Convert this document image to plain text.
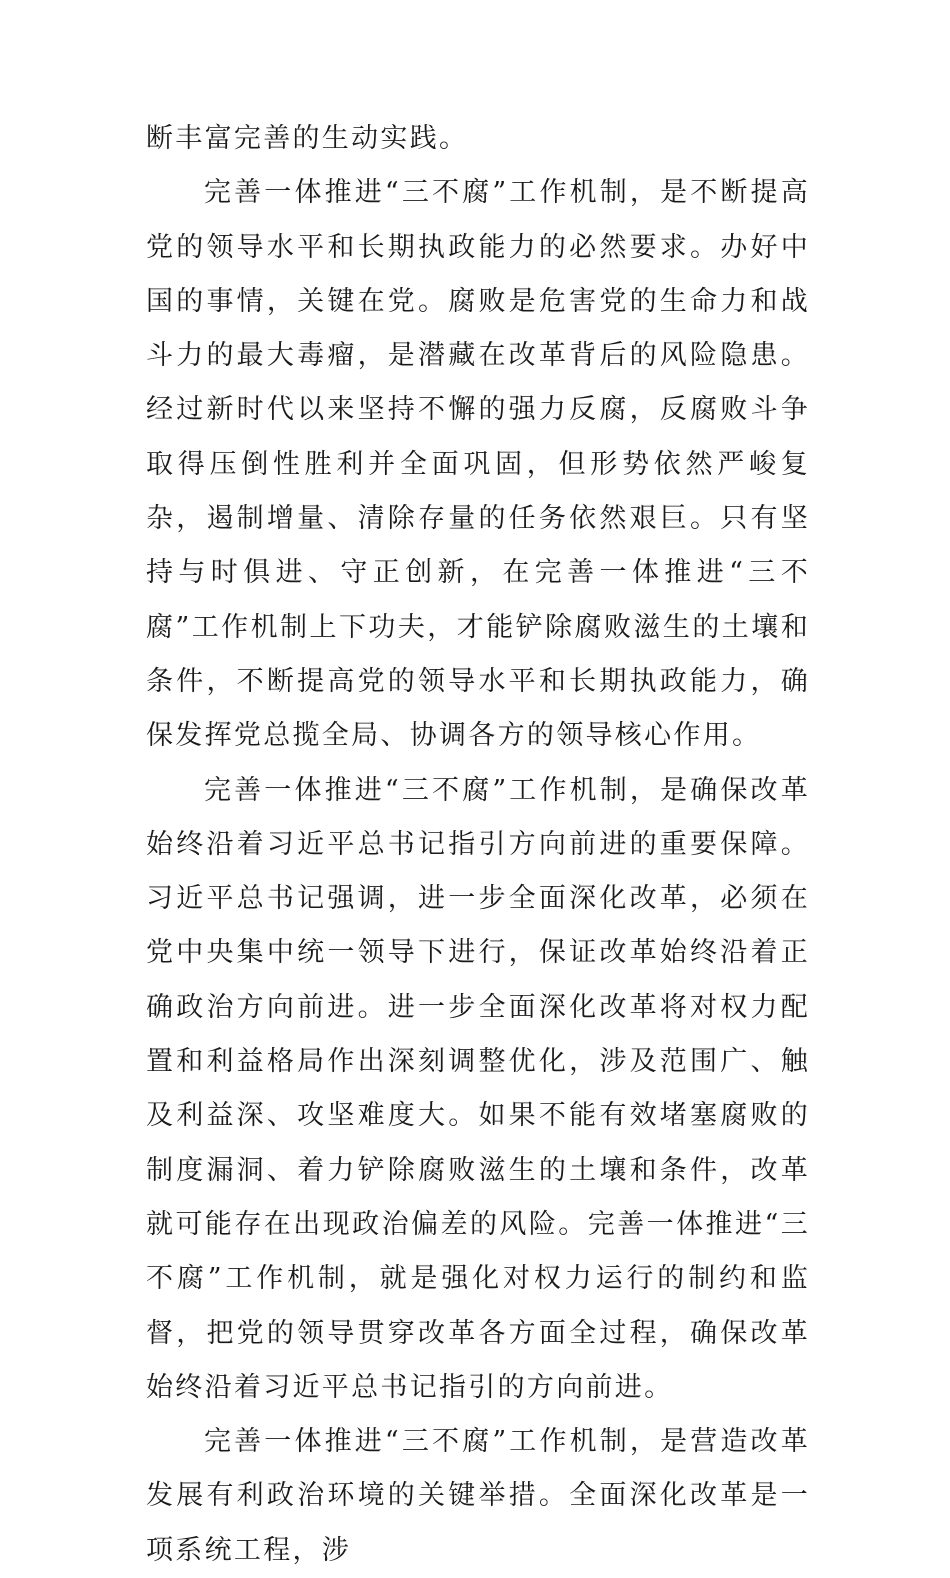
断丰富完善的生动实践。

完善一体推进“三不腐”工作机制，是不断提高党的领导水平和长期执政能力的必然要求。办好中国的事情，关键在党。腐败是危害党的生命力和战斗力的最大毒瘤，是潜藏在改革背后的风险隐患。经过新时代以来坚持不懈的强力反腐，反腐败斗争取得压倒性胜利并全面巩固，但形势依然严峻复杂，遏制增量、清除存量的任务依然艰巨。只有坚持与时俱进、守正创新，在完善一体推进“三不腐”工作机制上下功夫，才能铲除腐败滋生的土壤和条件，不断提高党的领导水平和长期执政能力，确保发挥党总揽全局、协调各方的领导核心作用。

完善一体推进“三不腐”工作机制，是确保改革始终沿着习近平总书记指引方向前进的重要保障。习近平总书记强调，进一步全面深化改革，必须在党中央集中统一领导下进行，保证改革始终沿着正确政治方向前进。进一步全面深化改革将对权力配置和利益格局作出深刻调整优化，涉及范围广、触及利益深、攻坚难度大。如果不能有效堵塞腐败的制度漏洞、着力铲除腐败滋生的土壤和条件，改革就可能存在出现政治偏差的风险。完善一体推进“三不腐”工作机制，就是强化对权力运行的制约和监督，把党的领导贯穿改革各方面全过程，确保改革始终沿着习近平总书记指引的方向前进。

完善一体推进“三不腐”工作机制，是营造改革发展有利政治环境的关键举措。全面深化改革是一项系统工程，涉
